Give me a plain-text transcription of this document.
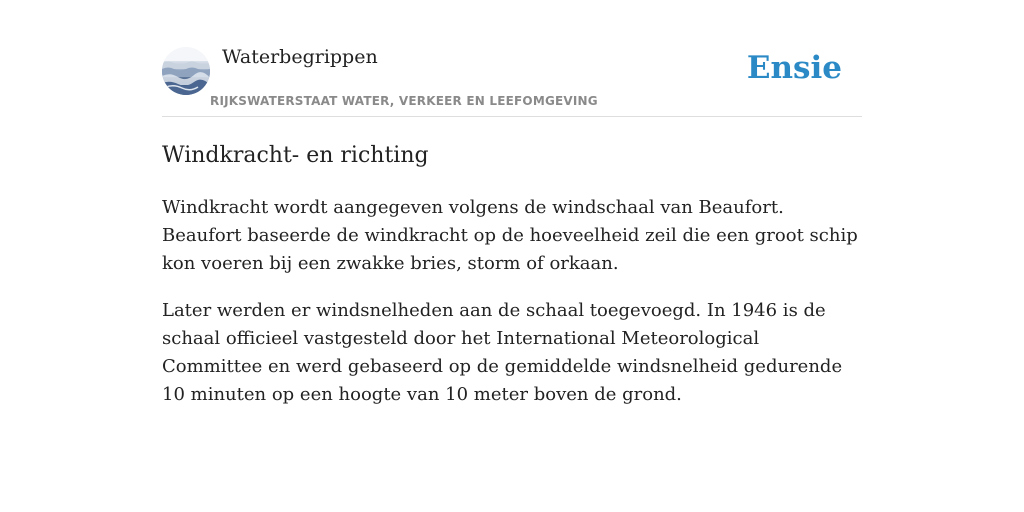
Waterbegrippen
RIJKSWATERSTAAT WATER, VERKEER EN LEEFOMGEVING
Ensie
Windkracht- en richting

Windkracht wordt aangegeven volgens de windschaal van Beaufort. Beaufort baseerde de windkracht op de hoeveelheid zeil die een groot schip kon voeren bij een zwakke bries, storm of orkaan.

Later werden er windsnelheden aan de schaal toegevoegd. In 1946 is de schaal officieel vastgesteld door het International Meteorological Committee en werd gebaseerd op de gemiddelde windsnelheid gedurende 10 minuten op een hoogte van 10 meter boven de grond.
